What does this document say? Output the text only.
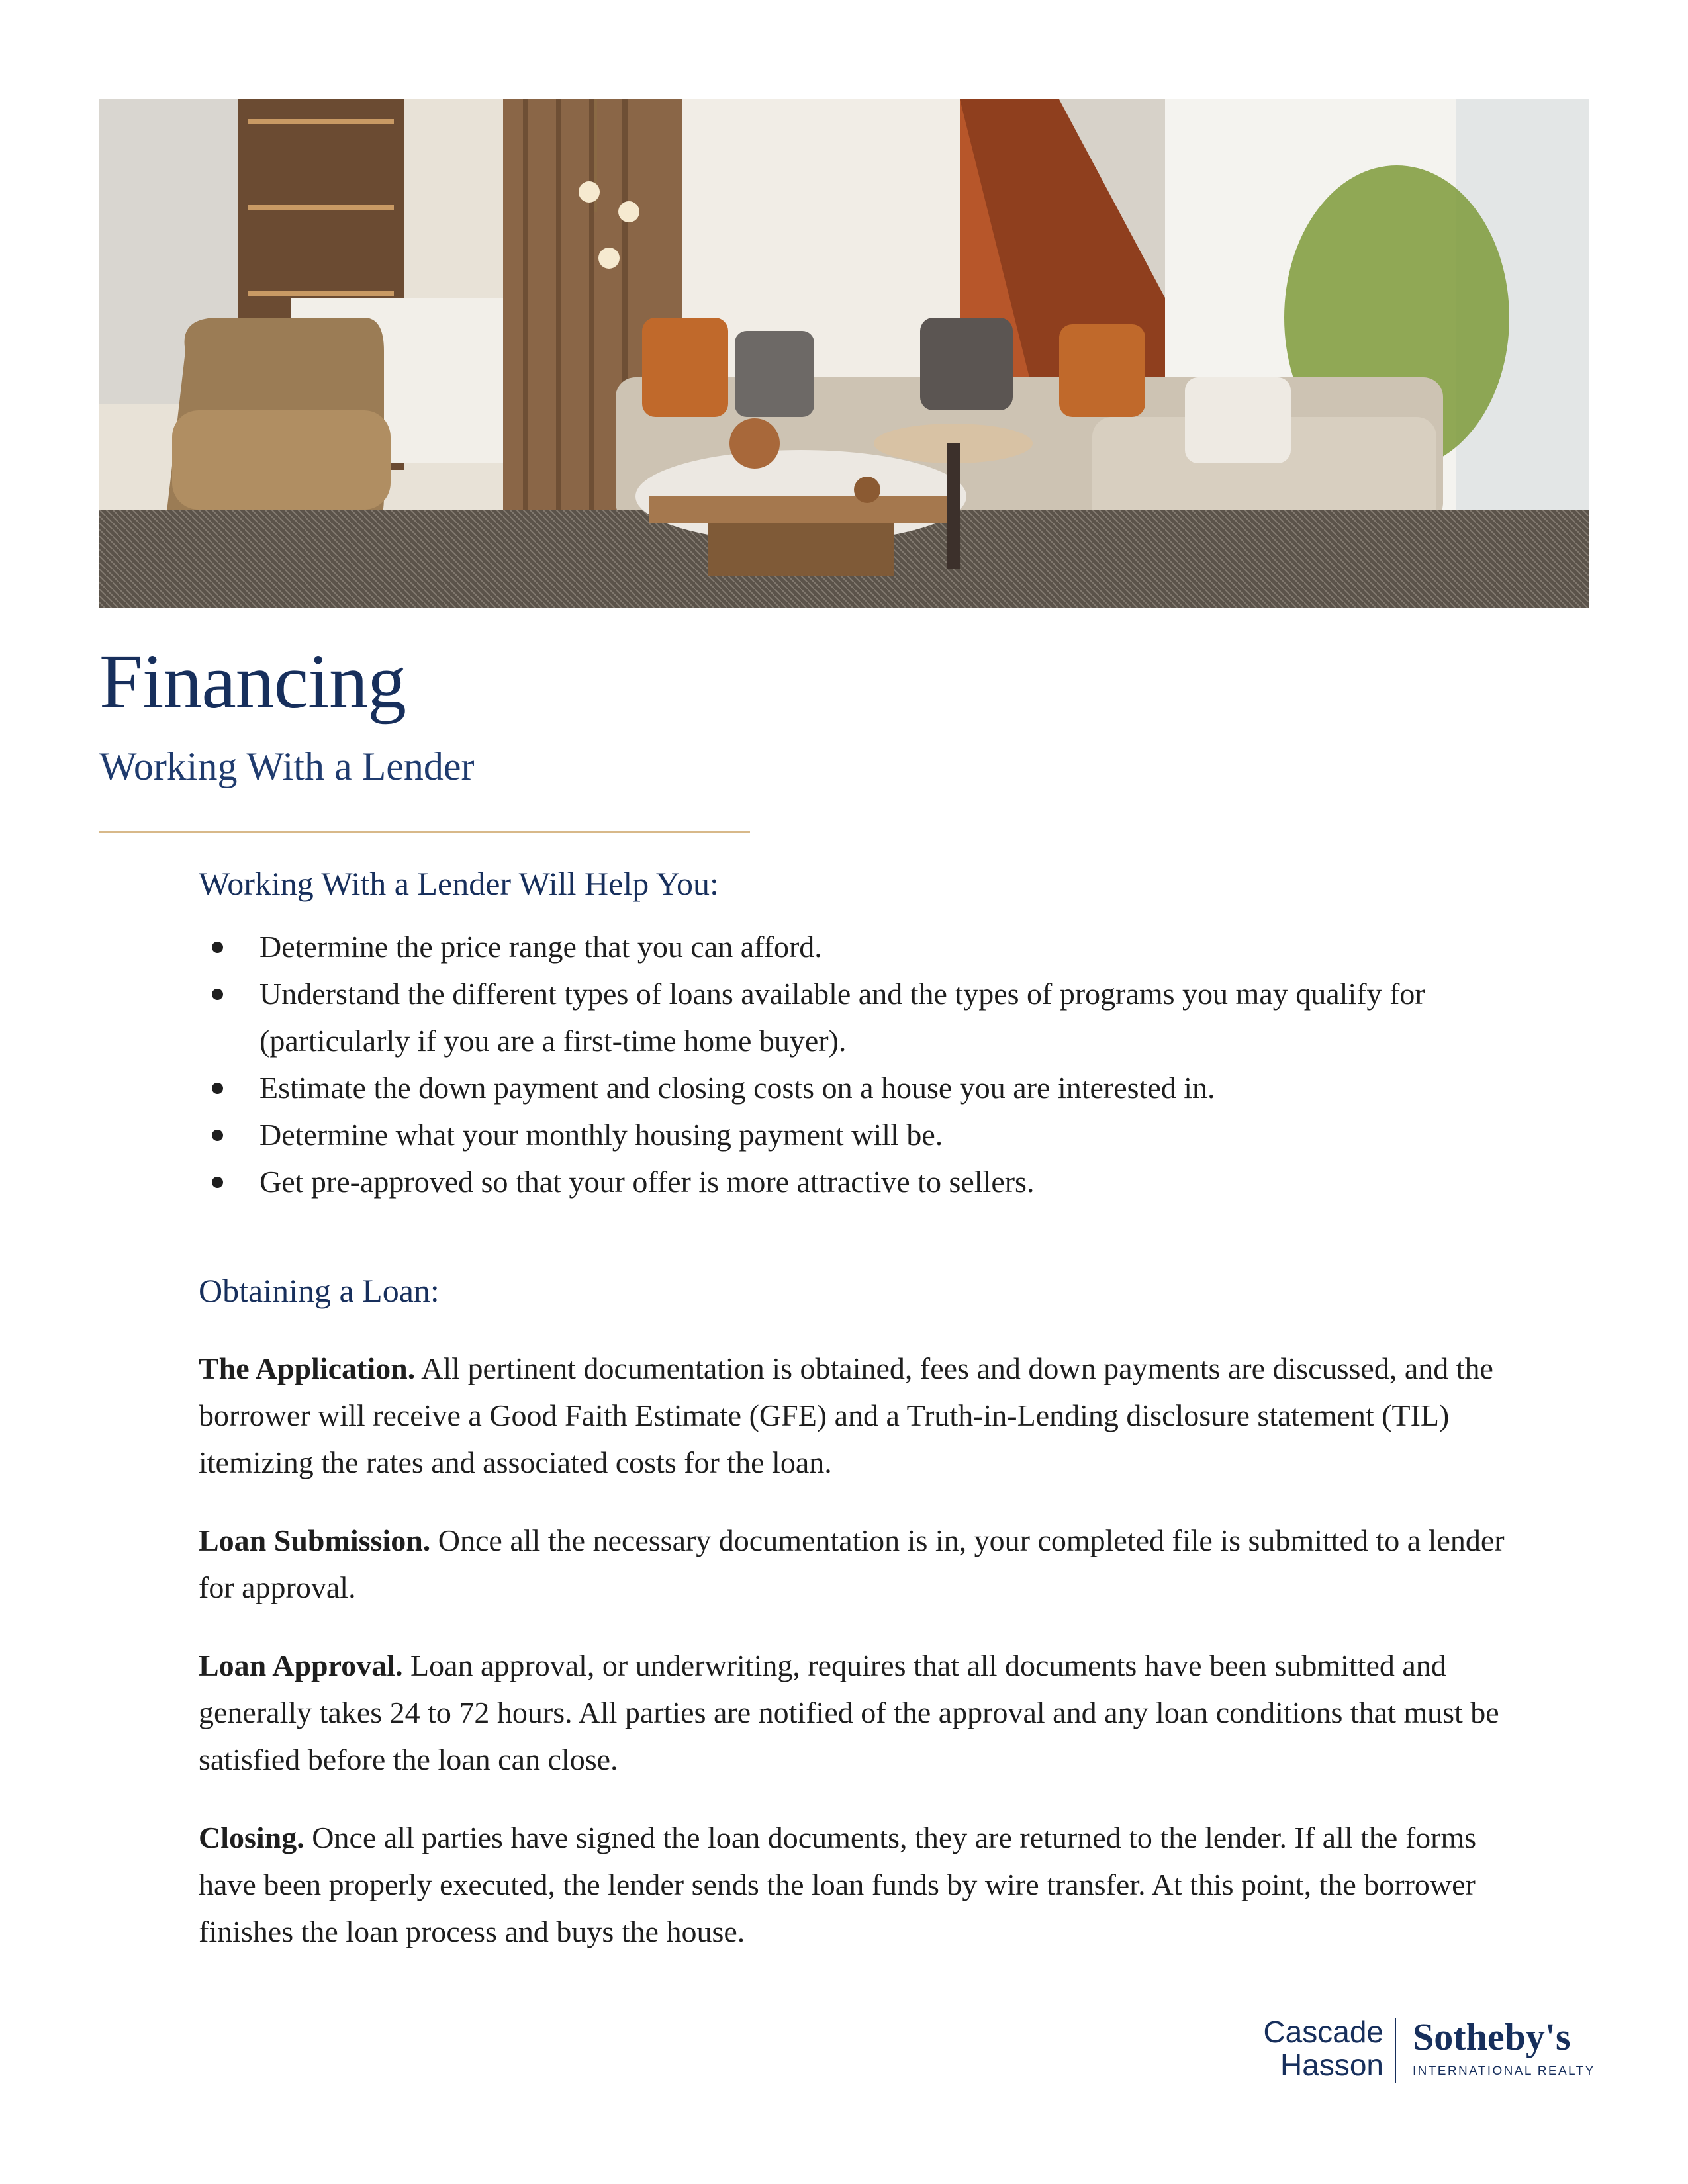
Financing
Working With a Lender
Working With a Lender Will Help You:
Determine the price range that you can afford.
Understand the different types of loans available and the types of programs you may qualify for (particularly if you are a first-time home buyer).
Estimate the down payment and closing costs on a house you are interested in.
Determine what your monthly housing payment will be.
Get pre-approved so that your offer is more attractive to sellers.
Obtaining a Loan:

The Application. All pertinent documentation is obtained, fees and down payments are discussed, and the borrower will receive a Good Faith Estimate (GFE) and a Truth-in-Lending disclosure statement (TIL) itemizing the rates and associated costs for the loan.

Loan Submission. Once all the necessary documentation is in, your completed file is submitted to a lender for approval.

Loan Approval. Loan approval, or underwriting, requires that all documents have been submitted and generally takes 24 to 72 hours. All parties are notified of the approval and any loan conditions that must be satisfied before the loan can close.

Closing. Once all parties have signed the loan documents, they are returned to the lender. If all the forms have been properly executed, the lender sends the loan funds by wire transfer. At this point, the borrower finishes the loan process and buys the house.

Cascade
Hasson
Sotheby's
INTERNATIONAL REALTY
